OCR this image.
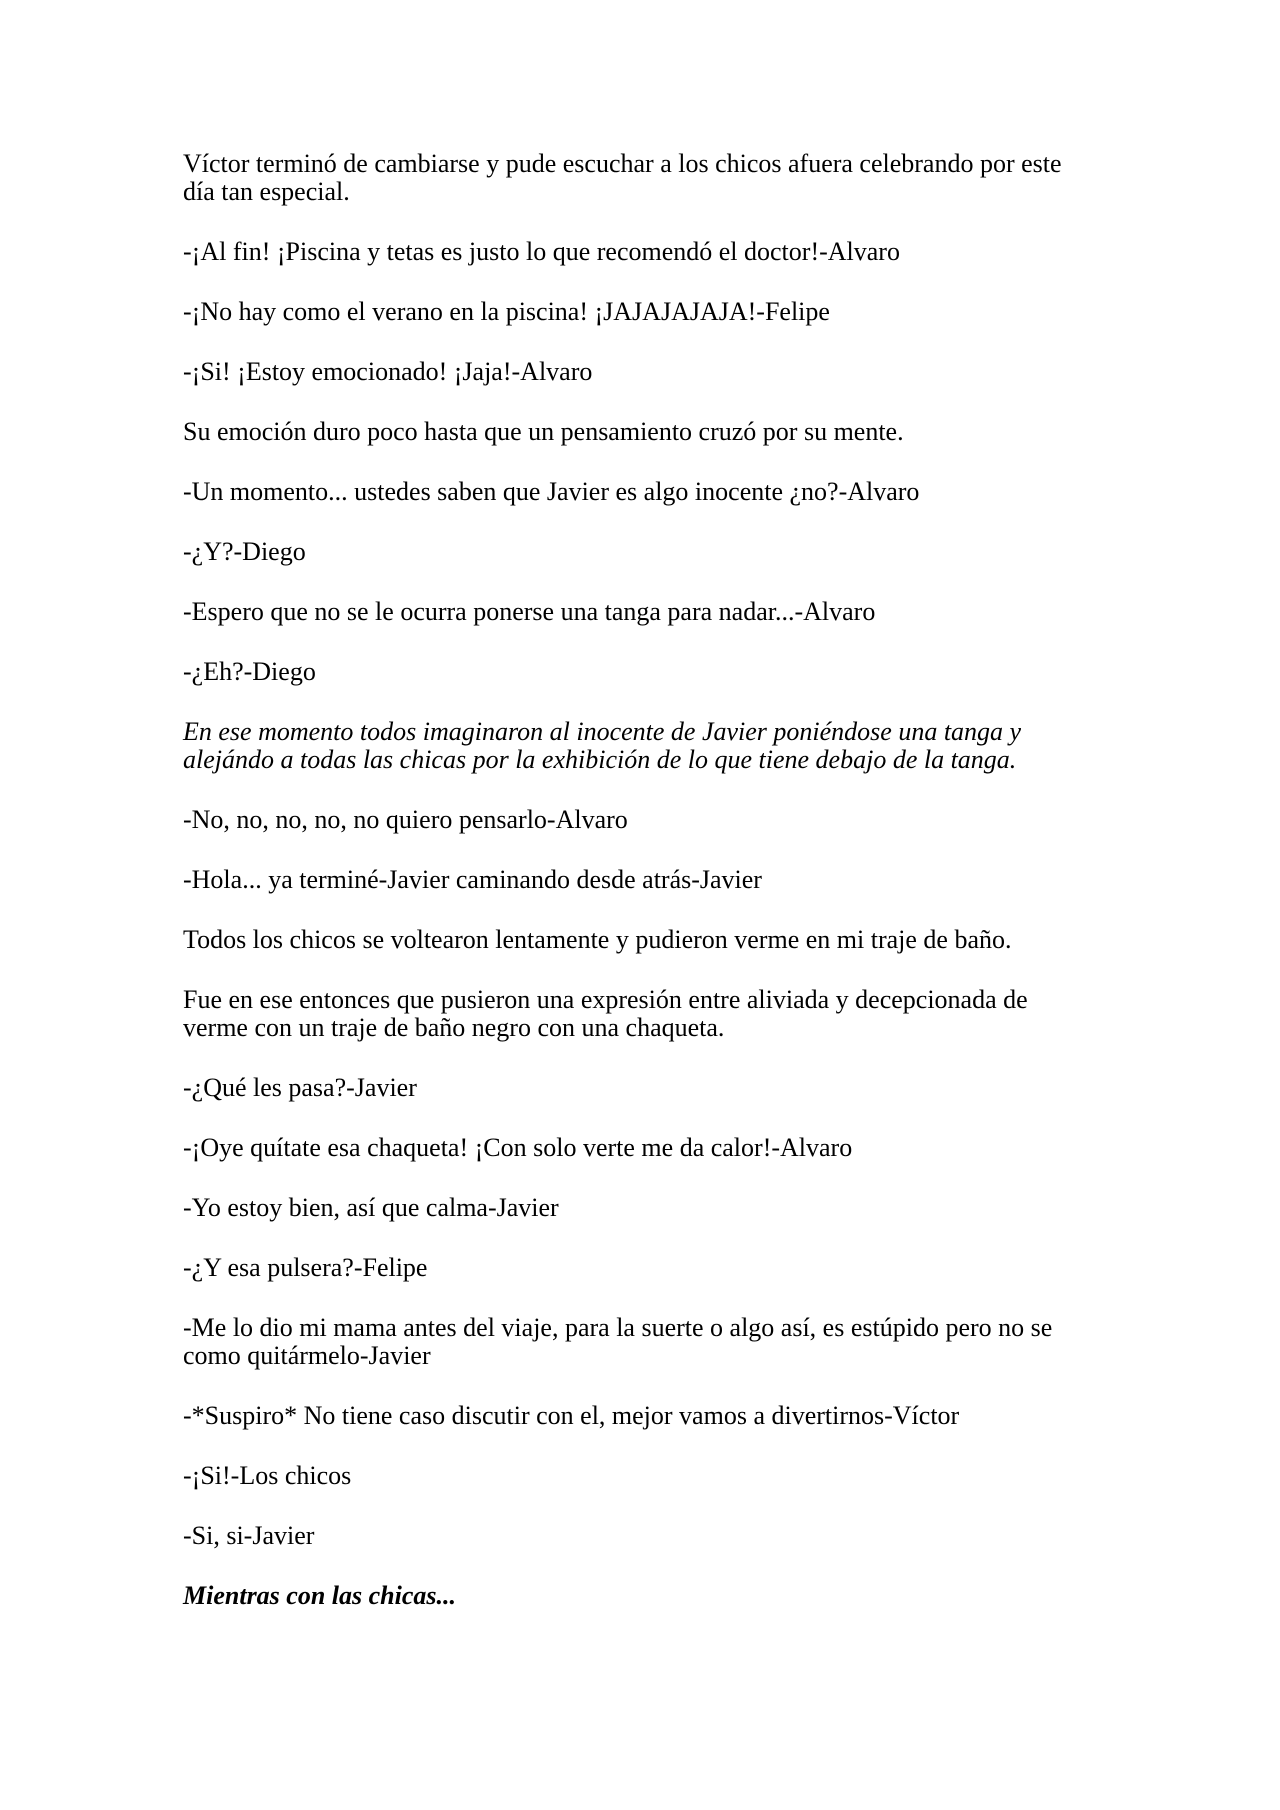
Víctor terminó de cambiarse y pude escuchar a los chicos afuera celebrando por este día tan especial.

-¡Al fin! ¡Piscina y tetas es justo lo que recomendó el doctor!-Alvaro

-¡No hay como el verano en la piscina! ¡JAJAJAJAJA!-Felipe

-¡Si! ¡Estoy emocionado! ¡Jaja!-Alvaro

Su emoción duro poco hasta que un pensamiento cruzó por su mente.

-Un momento... ustedes saben que Javier es algo inocente ¿no?-Alvaro

-¿Y?-Diego

-Espero que no se le ocurra ponerse una tanga para nadar...-Alvaro

-¿Eh?-Diego

En ese momento todos imaginaron al inocente de Javier poniéndose una tanga y alejándo a todas las chicas por la exhibición de lo que tiene debajo de la tanga.

-No, no, no, no, no quiero pensarlo-Alvaro

-Hola... ya terminé-Javier caminando desde atrás-Javier

Todos los chicos se voltearon lentamente y pudieron verme en mi traje de baño.

Fue en ese entonces que pusieron una expresión entre aliviada y decepcionada de verme con un traje de baño negro con una chaqueta.

-¿Qué les pasa?-Javier

-¡Oye quítate esa chaqueta! ¡Con solo verte me da calor!-Alvaro

-Yo estoy bien, así que calma-Javier

-¿Y esa pulsera?-Felipe

-Me lo dio mi mama antes del viaje, para la suerte o algo así, es estúpido pero no se como quitármelo-Javier

-*Suspiro* No tiene caso discutir con el, mejor vamos a divertirnos-Víctor

-¡Si!-Los chicos

-Si, si-Javier

Mientras con las chicas...
